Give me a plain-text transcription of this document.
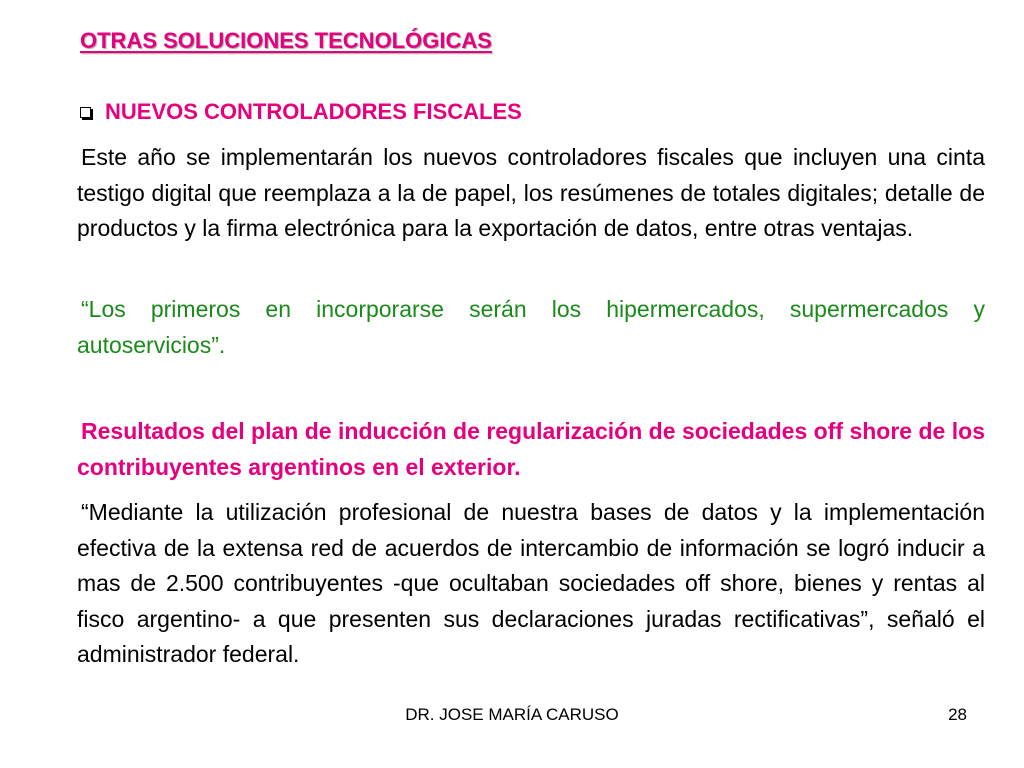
OTRAS SOLUCIONES TECNOLÓGICAS
NUEVOS CONTROLADORES FISCALES

Este año se implementarán los nuevos controladores fiscales que incluyen una cinta testigo digital que reemplaza a la de papel, los resúmenes de totales digitales; detalle de productos y la firma electrónica para la exportación de datos, entre otras ventajas.

“Los primeros en incorporarse serán los hipermercados, supermercados y autoservicios”.

Resultados del plan de inducción de regularización de sociedades off shore de los contribuyentes argentinos en el exterior.

“Mediante la utilización profesional de nuestra bases de datos y la implementación efectiva de la extensa red de acuerdos de intercambio de información se logró inducir a mas de 2.500 contribuyentes -que ocultaban sociedades off shore, bienes y rentas al fisco argentino- a que presenten sus declaraciones juradas rectificativas”, señaló el administrador federal.

DR. JOSE MARÍA CARUSO	28
